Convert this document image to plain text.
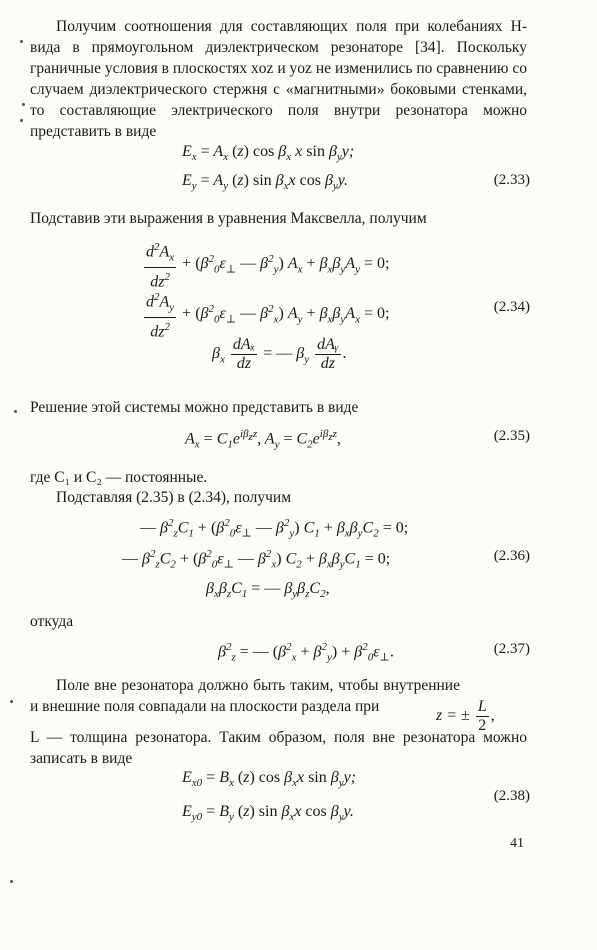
Получим соотношения для составляющих поля при колебаниях H-вида в прямоугольном диэлектрическом резонаторе [34]. Поскольку граничные условия в плоскостях xoz и yoz не изменились по сравнению со случаем диэлектрического стержня с «магнитными» боковыми стенками, то составляющие электрического поля внутри резонатора можно представить в виде

$E_x = A_x$ (z) $\cos \beta_x$ x $\sin \beta_yy$;
$E_y = A_y$ (z) $\sin \beta_xx$ $\cos \beta_yy$.	(2.33)

Подставив эти выражения в уравнения Максвелла, получим

$\frac{d^2A_x}{dz^2} + (\beta^2_0\varepsilon_\perp$ — $\beta^2_y$) $A_x + \beta_x\beta_yA_y = 0$;
$\frac{d^2A_y}{dz^2} + (\beta^2_0\varepsilon_\perp$ — $\beta^2_x$) $A_y + \beta_x\beta_yA_x = 0$;	(2.34)
$\beta_x \frac{\text{dAₓ}}{dz}$ = — $\beta_y \frac{\text{dAᵧ}}{dz}$ .

Решение этой системы можно представить в виде

$A_x = C_1e^{i\beta_zz}$, $A_y = C_2e^{i\beta_zz}$,	(2.35)

где C₁ и C₂ — постоянные.

Подставляя (2.35) в (2.34), получим

— $\beta^2_zC_1 + (\beta^2_0\varepsilon_\perp$ — $\beta^2_y$) $C_1 + \beta_x\beta_yC_2 = 0$;
— $\beta^2_zC_2 + (\beta^2_0\varepsilon_\perp$ — $\beta^2_x$) $C_2 + \beta_x\beta_yC_1 = 0$;	(2.36)
$\beta_x\beta_zC_1$ = — $\beta_y\beta_zC_2$,

откуда

$\beta^2_z$ = — $(\beta^2_x + \beta^2_y) + \beta^2_0\varepsilon_\perp$.	(2.37)

Поле вне резонатора должно быть таким, чтобы внутренние и внешние поля совпадали на плоскости раздела при

z = ± $\frac{L}{2}$ ,

L — толщина резонатора. Таким образом, поля вне резонатора можно записать в виде

$E_{x0} = B_x$ (z) $\cos \beta_xx$ $\sin \beta_yy$;
(2.38)
$E_{y0} = B_y$ (z) $\sin \beta_xx$ $\cos \beta_yy$.
41
